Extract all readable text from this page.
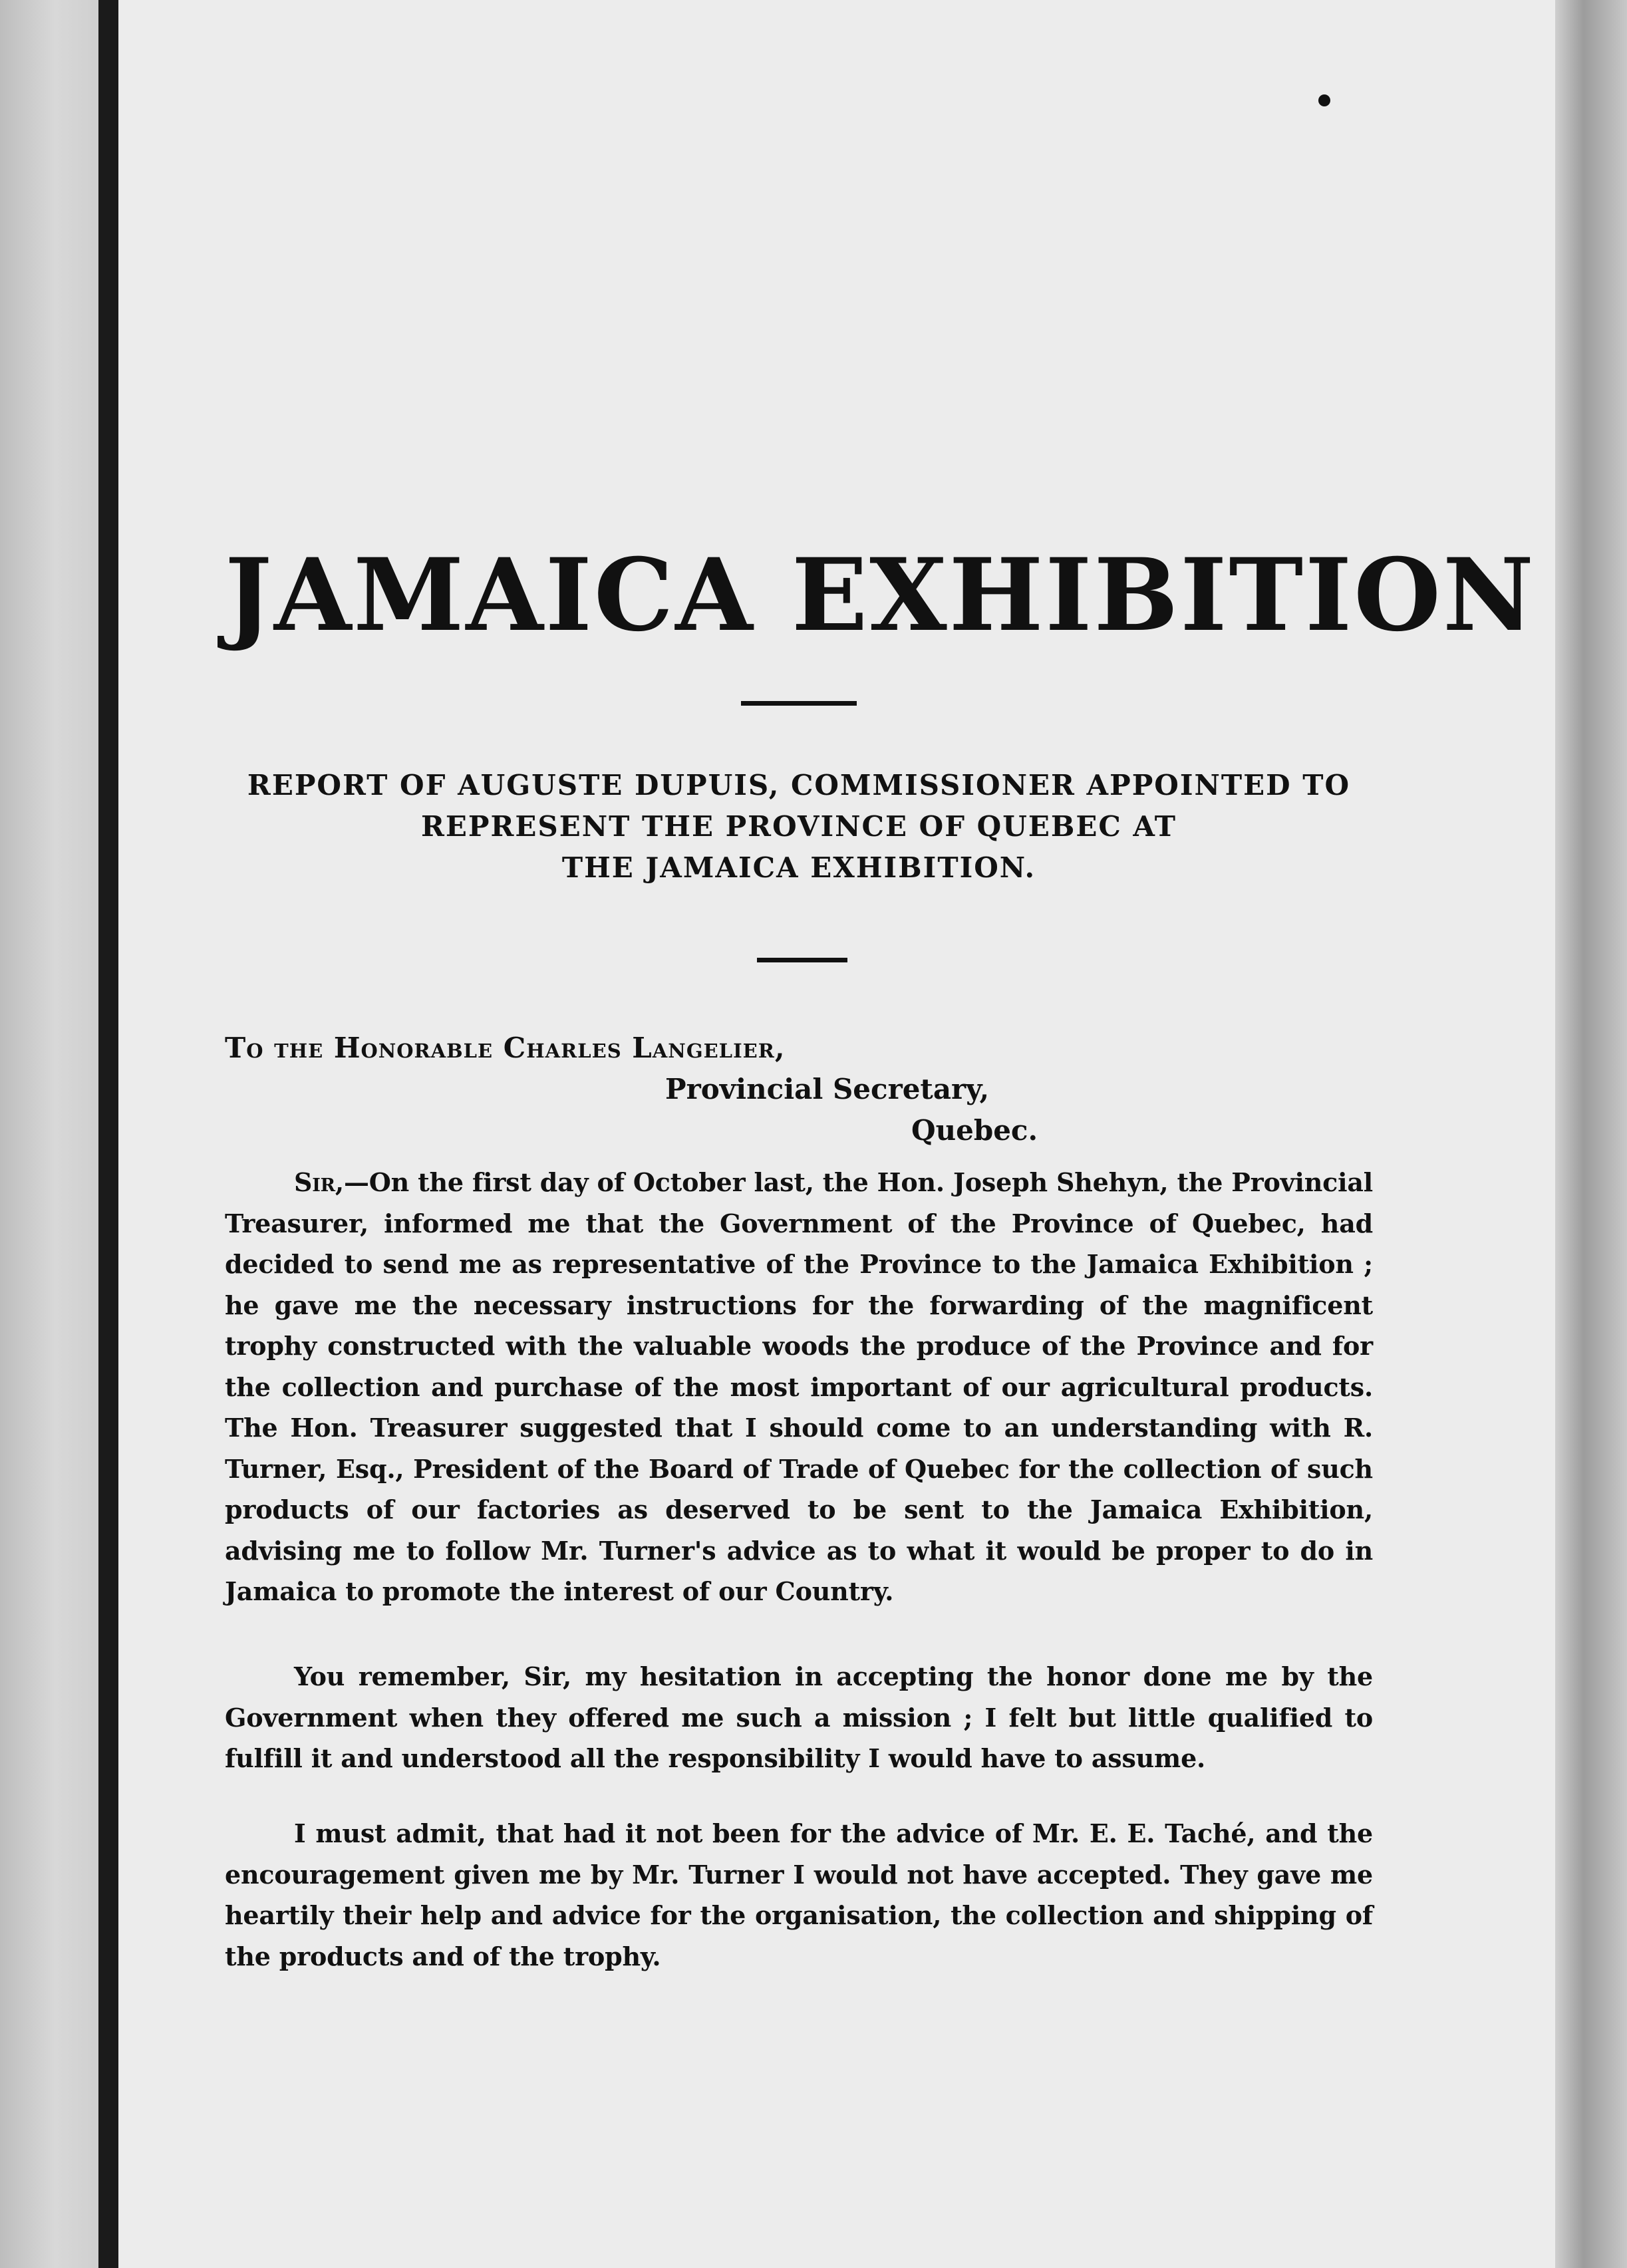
JAMAICA EXHIBITION
REPORT OF AUGUSTE DUPUIS, COMMISSIONER APPOINTED TO
REPRESENT THE PROVINCE OF QUEBEC AT
THE JAMAICA EXHIBITION.
To the Honorable Charles Langelier,
Provincial Secretary,
Quebec.

Sir,—On the first day of October last, the Hon. Joseph Shehyn, the Provincial Treasurer, informed me that the Government of the Province of Quebec, had decided to send me as representative of the Province to the Jamaica Exhibition ; he gave me the necessary instructions for the forwarding of the magnificent trophy constructed with the valuable woods the produce of the Province and for the collection and purchase of the most important of our agricultural products. The Hon. Treasurer suggested that I should come to an understanding with R. Turner, Esq., President of the Board of Trade of Quebec for the collection of such products of our factories as deserved to be sent to the Jamaica Exhibition, advising me to follow Mr. Turner's advice as to what it would be proper to do in Jamaica to promote the interest of our Country.

You remember, Sir, my hesitation in accepting the honor done me by the Government when they offered me such a mission ; I felt but little qualified to fulfill it and understood all the responsibility I would have to assume.

I must admit, that had it not been for the advice of Mr. E. E. Taché, and the encouragement given me by Mr. Turner I would not have accepted. They gave me heartily their help and advice for the organisation, the collection and shipping of the products and of the trophy.
